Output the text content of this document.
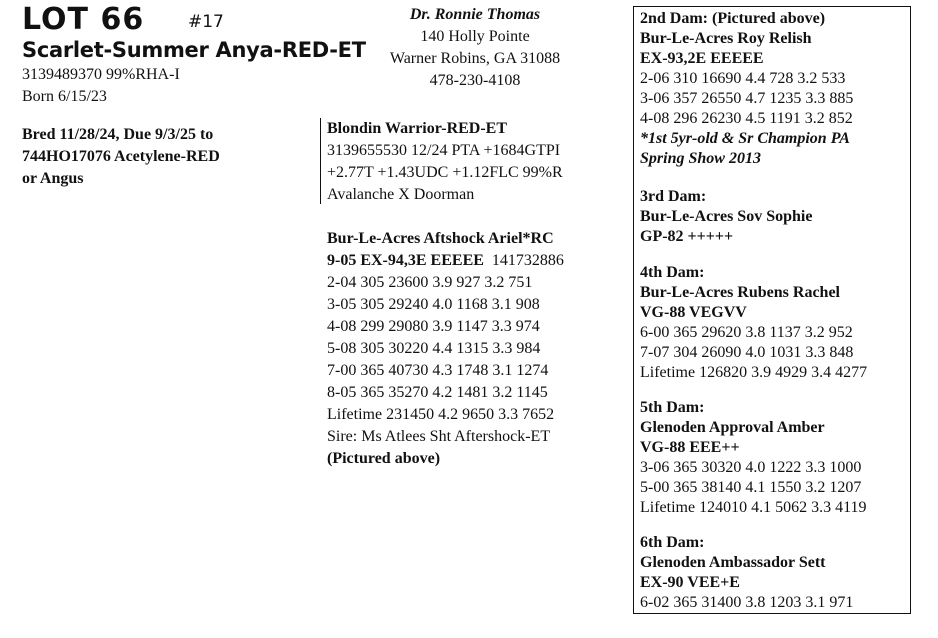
LOT 66	#17
Scarlet-Summer Anya-RED-ET
3139489370 99%RHA-I
Born 6/15/23
Bred 11/28/24, Due 9/3/25 to
744HO17076 Acetylene-RED
or Angus
Dr. Ronnie Thomas
140 Holly Pointe
Warner Robins, GA 31088
478-230-4108
Blondin Warrior-RED-ET
3139655530 12/24 PTA +1684GTPI
+2.77T +1.43UDC +1.12FLC 99%R
Avalanche X Doorman
Bur-Le-Acres Aftshock Ariel*RC
9-05 EX-94,3E EEEEE 141732886
2-04 305 23600 3.9 927 3.2 751
3-05 305 29240 4.0 1168 3.1 908
4-08 299 29080 3.9 1147 3.3 974
5-08 305 30220 4.4 1315 3.3 984
7-00 365 40730 4.3 1748 3.1 1274
8-05 365 35270 4.2 1481 3.2 1145
Lifetime 231450 4.2 9650 3.3 7652
Sire: Ms Atlees Sht Aftershock-ET
(Pictured above)
2nd Dam: (Pictured above)
Bur-Le-Acres Roy Relish
EX-93,2E EEEEE
2-06 310 16690 4.4 728 3.2 533
3-06 357 26550 4.7 1235 3.3 885
4-08 296 26230 4.5 1191 3.2 852
*1st 5yr-old & Sr Champion PA
Spring Show 2013
3rd Dam:
Bur-Le-Acres Sov Sophie
GP-82 +++++
4th Dam:
Bur-Le-Acres Rubens Rachel
VG-88 VEGVV
6-00 365 29620 3.8 1137 3.2 952
7-07 304 26090 4.0 1031 3.3 848
Lifetime 126820 3.9 4929 3.4 4277
5th Dam:
Glenoden Approval Amber
VG-88 EEE++
3-06 365 30320 4.0 1222 3.3 1000
5-00 365 38140 4.1 1550 3.2 1207
Lifetime 124010 4.1 5062 3.3 4119
6th Dam:
Glenoden Ambassador Sett
EX-90 VEE+E
6-02 365 31400 3.8 1203 3.1 971
